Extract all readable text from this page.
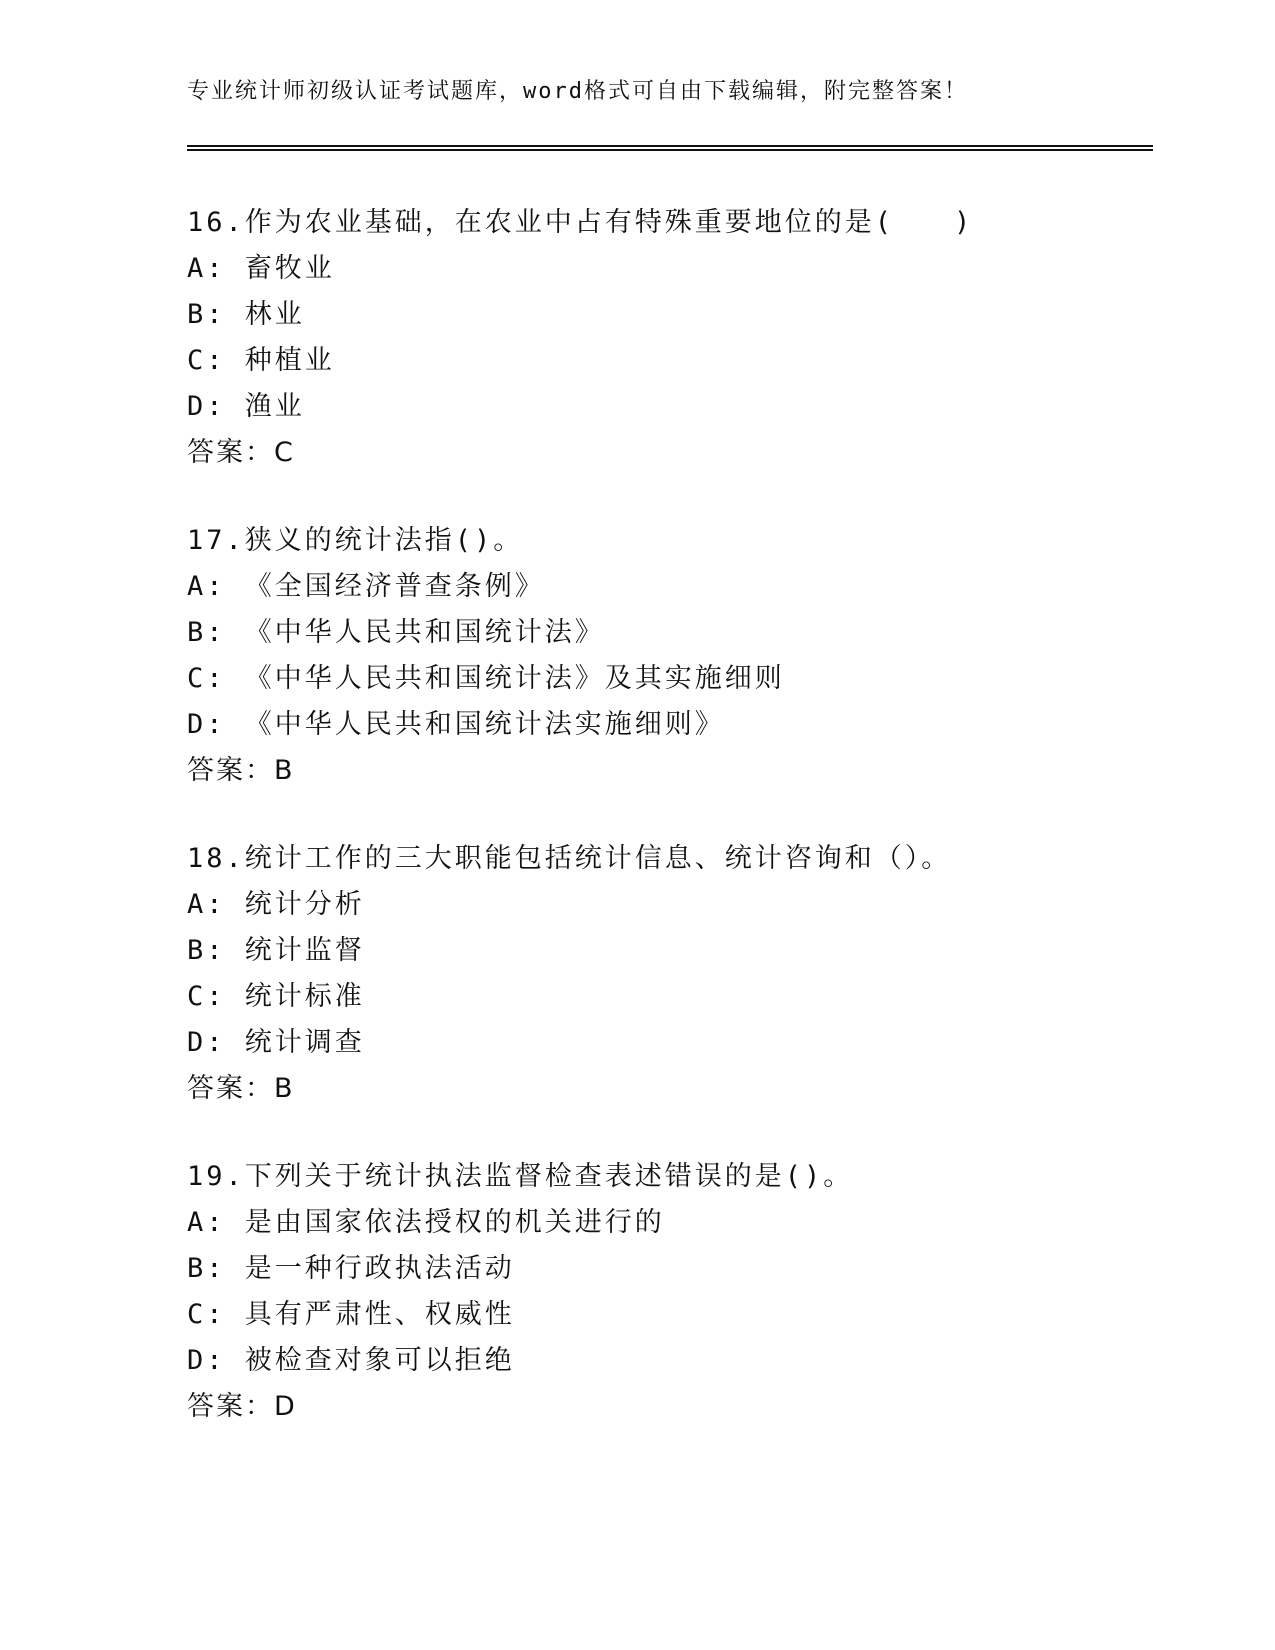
专业统计师初级认证考试题库，word格式可自由下载编辑，附完整答案！
16.作为农业基础，在农业中占有特殊重要地位的是(　　)
A: 畜牧业
B: 林业
C: 种植业
D: 渔业
答案：C
17.狭义的统计法指()。
A: 《全国经济普查条例》
B: 《中华人民共和国统计法》
C: 《中华人民共和国统计法》及其实施细则
D: 《中华人民共和国统计法实施细则》
答案：B
18.统计工作的三大职能包括统计信息、统计咨询和（）。
A: 统计分析
B: 统计监督
C: 统计标准
D: 统计调查
答案：B
19.下列关于统计执法监督检查表述错误的是()。
A: 是由国家依法授权的机关进行的
B: 是一种行政执法活动
C: 具有严肃性、权威性
D: 被检查对象可以拒绝
答案：D
